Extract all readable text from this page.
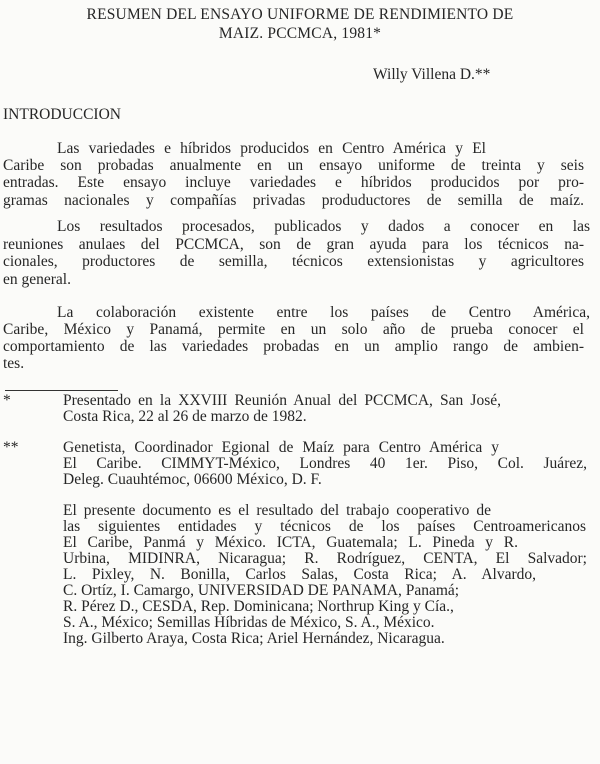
RESUMEN DEL ENSAYO UNIFORME DE RENDIMIENTO DE
MAIZ. PCCMCA, 1981*
Willy Villena D.**
INTRODUCCION
Las variedades e híbridos producidos en Centro América y El
Caribe son probadas anualmente en un ensayo uniforme de treinta y seis
entradas. Este ensayo incluye variedades e híbridos producidos por pro-
gramas nacionales y compañías privadas produductores de semilla de maíz.
Los resultados procesados, publicados y dados a conocer en las
reuniones anulaes del PCCMCA, son de gran ayuda para los técnicos na-
cionales, productores de semilla, técnicos extensionistas y agricultores
en general.
La colaboración existente entre los países de Centro América,
Caribe, México y Panamá, permite en un solo año de prueba conocer el
comportamiento de las variedades probadas en un amplio rango de ambien-
tes.
*	Presentado en la XXVIII Reunión Anual del PCCMCA, San José,
Costa Rica, 22 al 26 de marzo de 1982.
**	Genetista, Coordinador Egional de Maíz para Centro América y
El Caribe. CIMMYT-México, Londres 40 1er. Piso, Col. Juárez,
Deleg. Cuauhtémoc, 06600 México, D. F.
El presente documento es el resultado del trabajo cooperativo de
las siguientes entidades y técnicos de los países Centroamericanos
El Caribe, Panmá y México. ICTA, Guatemala; L. Pineda y R.
Urbina, MIDINRA, Nicaragua; R. Rodríguez, CENTA, El Salvador;
L. Pixley, N. Bonilla, Carlos Salas, Costa Rica; A. Alvardo,
C. Ortíz, I. Camargo, UNIVERSIDAD DE PANAMA, Panamá;
R. Pérez D., CESDA, Rep. Dominicana; Northrup King y Cía.,
S. A., México; Semillas Híbridas de México, S. A., México.
Ing. Gilberto Araya, Costa Rica; Ariel Hernández, Nicaragua.
